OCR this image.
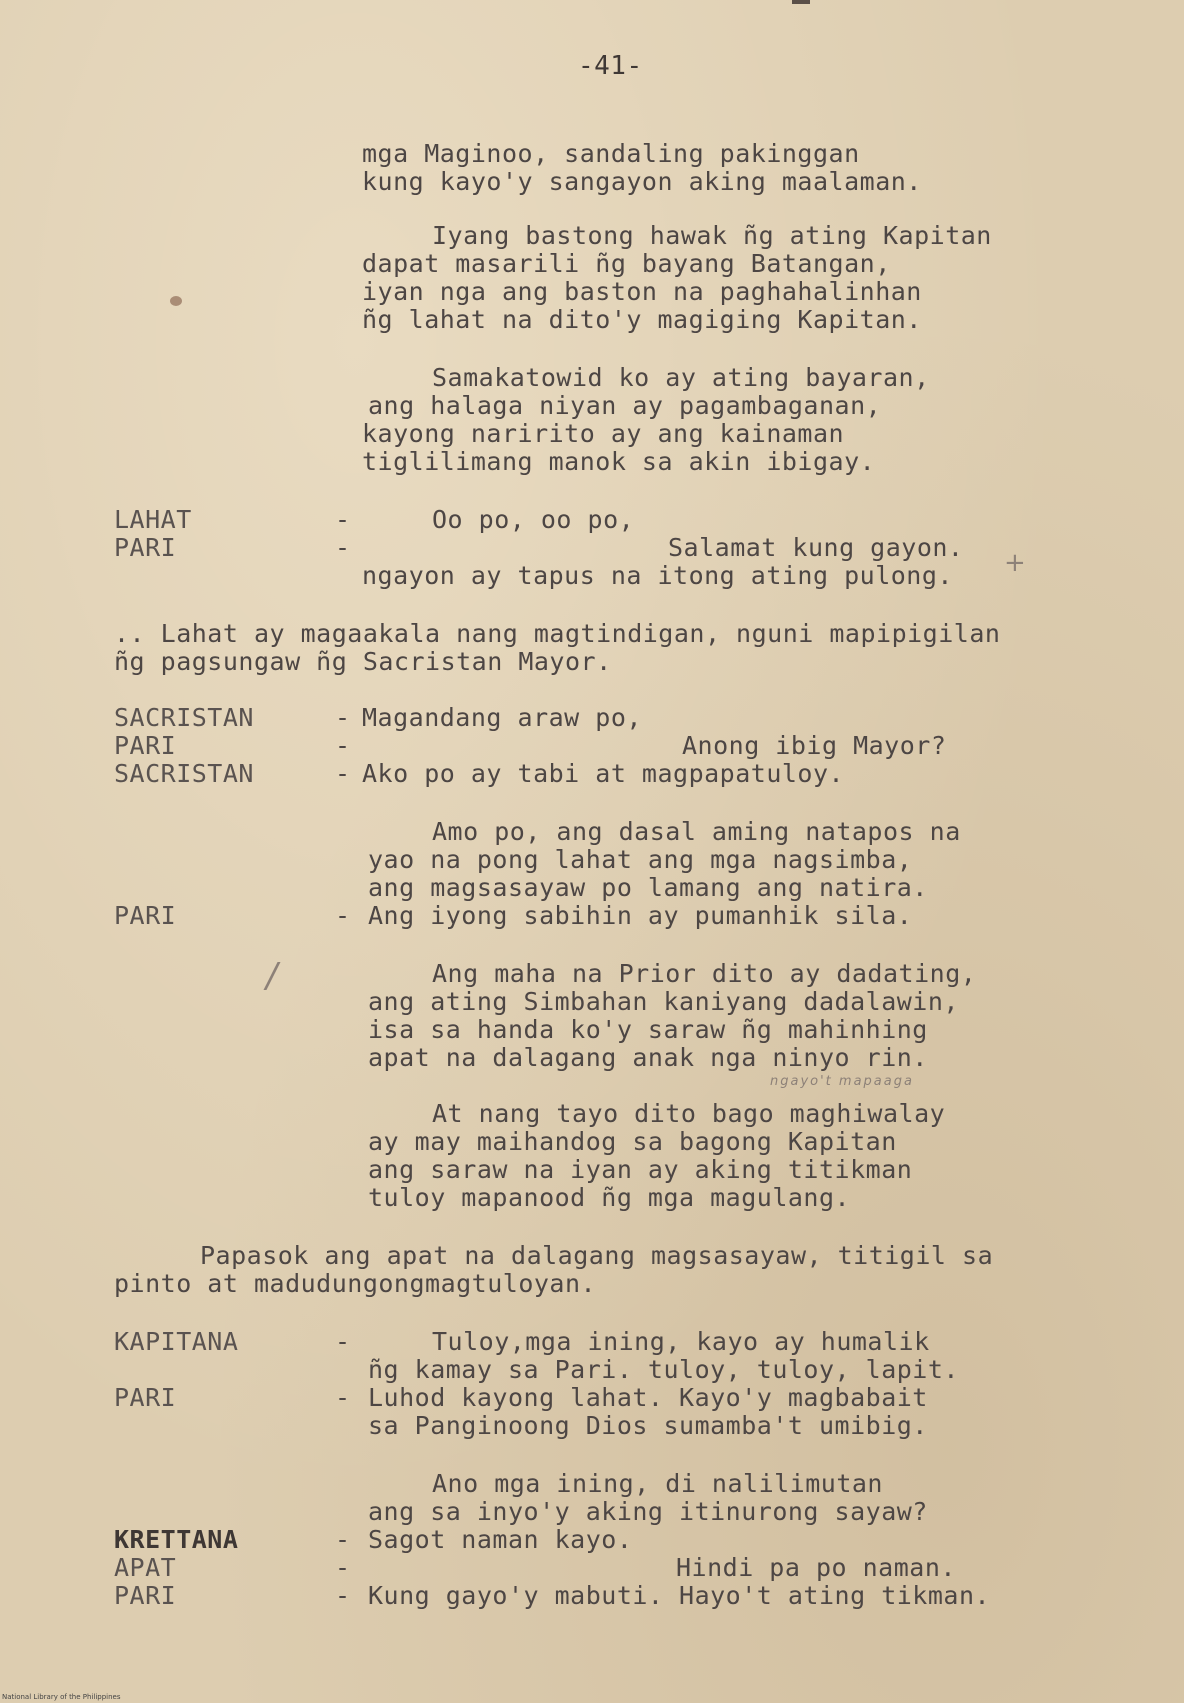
-41-
mga Maginoo, sandaling pakinggan
kung kayo'y sangayon aking maalaman.
Iyang bastong hawak ñg ating Kapitan
dapat masarili ñg bayang Batangan,
iyan nga ang baston na paghahalinhan
ñg lahat na dito'y magiging Kapitan.
Samakatowid ko ay ating bayaran,
ang halaga niyan ay pagambaganan,
kayong naririto ay ang kainaman
tiglilimang manok sa akin ibigay.
LAHAT	-	Oo po, oo po,
PARI	-	Salamat kung gayon.
ngayon ay tapus na itong ating pulong. +
.. Lahat ay magaakala nang magtindigan, nguni mapipigilan
ñg pagsungaw ñg Sacristan Mayor.
SACRISTAN	- Magandang araw po,
PARI	-	Anong ibig Mayor?
SACRISTAN	- Ako po ay tabi at magpapatuloy.
Amo po, ang dasal aming natapos na
yao na pong lahat ang mga nagsimba,
ang magsasayaw po lamang ang natira.
PARI	- Ang iyong sabihin ay pumanhik sila.
/	Ang maha na Prior dito ay dadating,
ang ating Simbahan kaniyang dadalawin,
isa sa handa ko'y saraw ñg mahinhing
apat na dalagang anak nga ninyo rin.
ngayo't mapaaga
At nang tayo dito bago maghiwalay
ay may maihandog sa bagong Kapitan
ang saraw na iyan ay aking titikman
tuloy mapanood ñg mga magulang.
Papasok ang apat na dalagang magsasayaw, titigil sa
pinto at madudungongmagtuloyan.
KAPITANA	-	Tuloy,mga ining, kayo ay humalik
ñg kamay sa Pari. tuloy, tuloy, lapit.
PARI	- Luhod kayong lahat. Kayo'y magbabait
sa Panginoong Dios sumamba't umibig.
Ano mga ining, di nalilimutan
ang sa inyo'y aking itinurong sayaw?
KRETTANA	- Sagot naman kayo.
APAT	-	Hindi pa po naman.
PARI	- Kung gayo'y mabuti. Hayo't ating tikman.
National Library of the Philippines
